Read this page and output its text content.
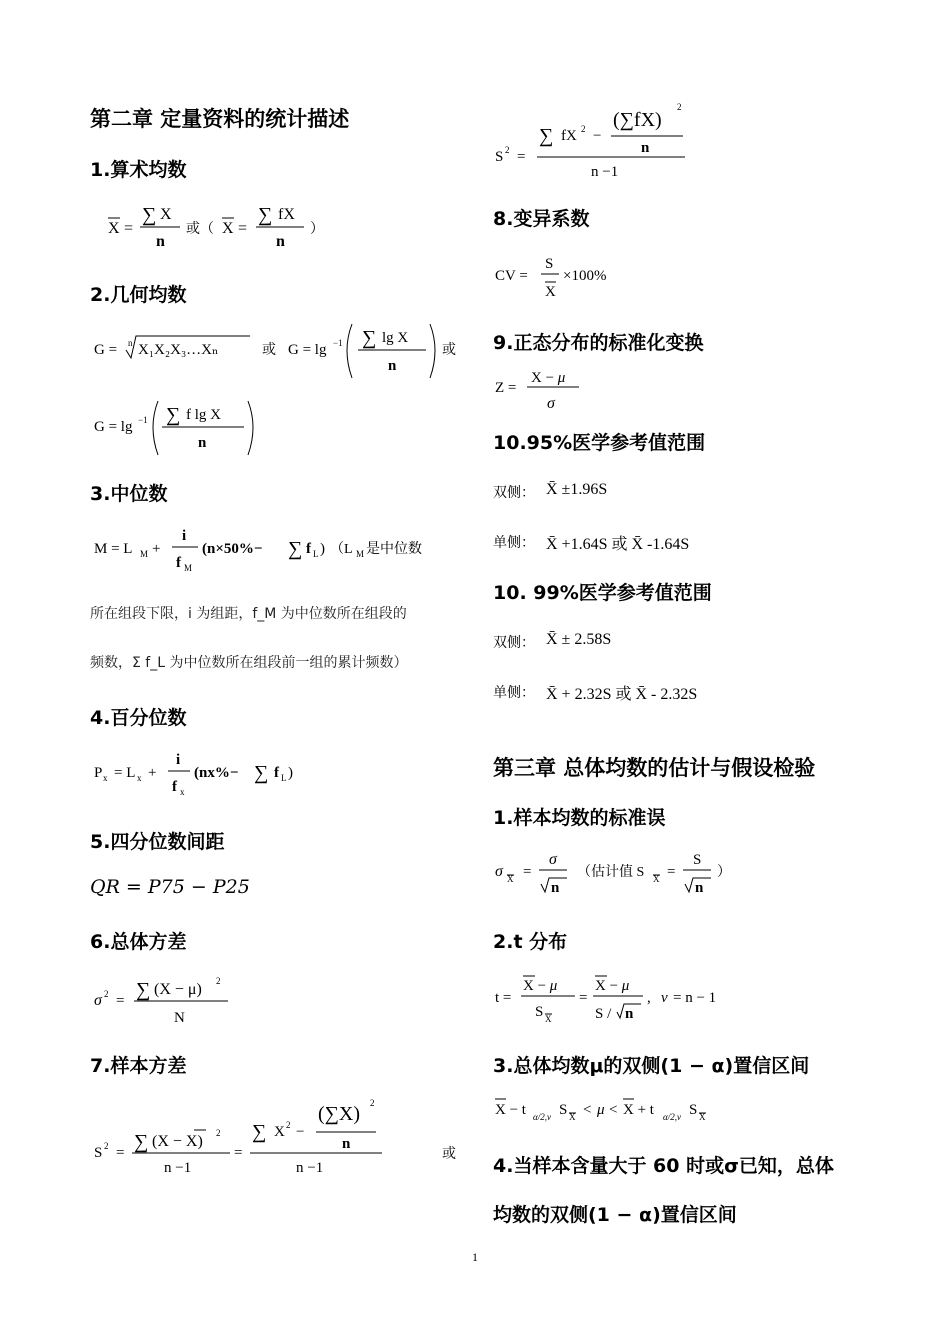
第二章 定量资料的统计描述
1.算术均数
X =
∑ X
n
或（ X =
∑ fX
n
）
2.几何均数
G = n X₁X₂X₃…Xₙ	或 G = lg −1 ∑ lg X
n
或
G = lg −1 ∑ f lg X
n
3.中位数
M = L M +
i
f M
(n×50%− ∑ f L ) （L M 是中位数
所在组段下限，i 为组距，f_M 为中位数所在组段的
频数，Σ f_L 为中位数所在组段前一组的累计频数）
4.百分位数
P x = L x +
i
f x
(nx%− ∑ f L )
5.四分位数间距
QR = P75 − P25
6.总体方差
σ 2 = ∑ (X − μ) 2
N
7.样本方差
S 2 = ∑ (X − X) 2
n −1
=
∑ X 2 −
(∑X) 2
n
n −1
或
S 2 =
∑ fX 2 −
(∑fX)
2
n
n −1
8.变异系数
CV =
S
X
×100%
9.正态分布的标准化变换
Z =
X − μ
σ
10.95%医学参考值范围
双侧： X̄ ±1.96S
单侧： X̄ +1.64S 或 X̄ -1.64S
10. 99%医学参考值范围
双侧： X̄ ± 2.58S
单侧： X̄ + 2.32S 或 X̄ - 2.32S
第三章 总体均数的估计与假设检验
1.样本均数的标准误
σ X =
σ
n
（估计值 S X =
S
n
）
2.t 分布
t =
X − μ
S X
=
X − μ
S / n
, ν = n − 1
3.总体均数μ的双侧(1 − α)置信区间
X − t α/2,ν S X < μ < X + t α/2,ν S X
4.当样本含量大于 60 时或σ已知，总体
均数的双侧(1 − α)置信区间
1
